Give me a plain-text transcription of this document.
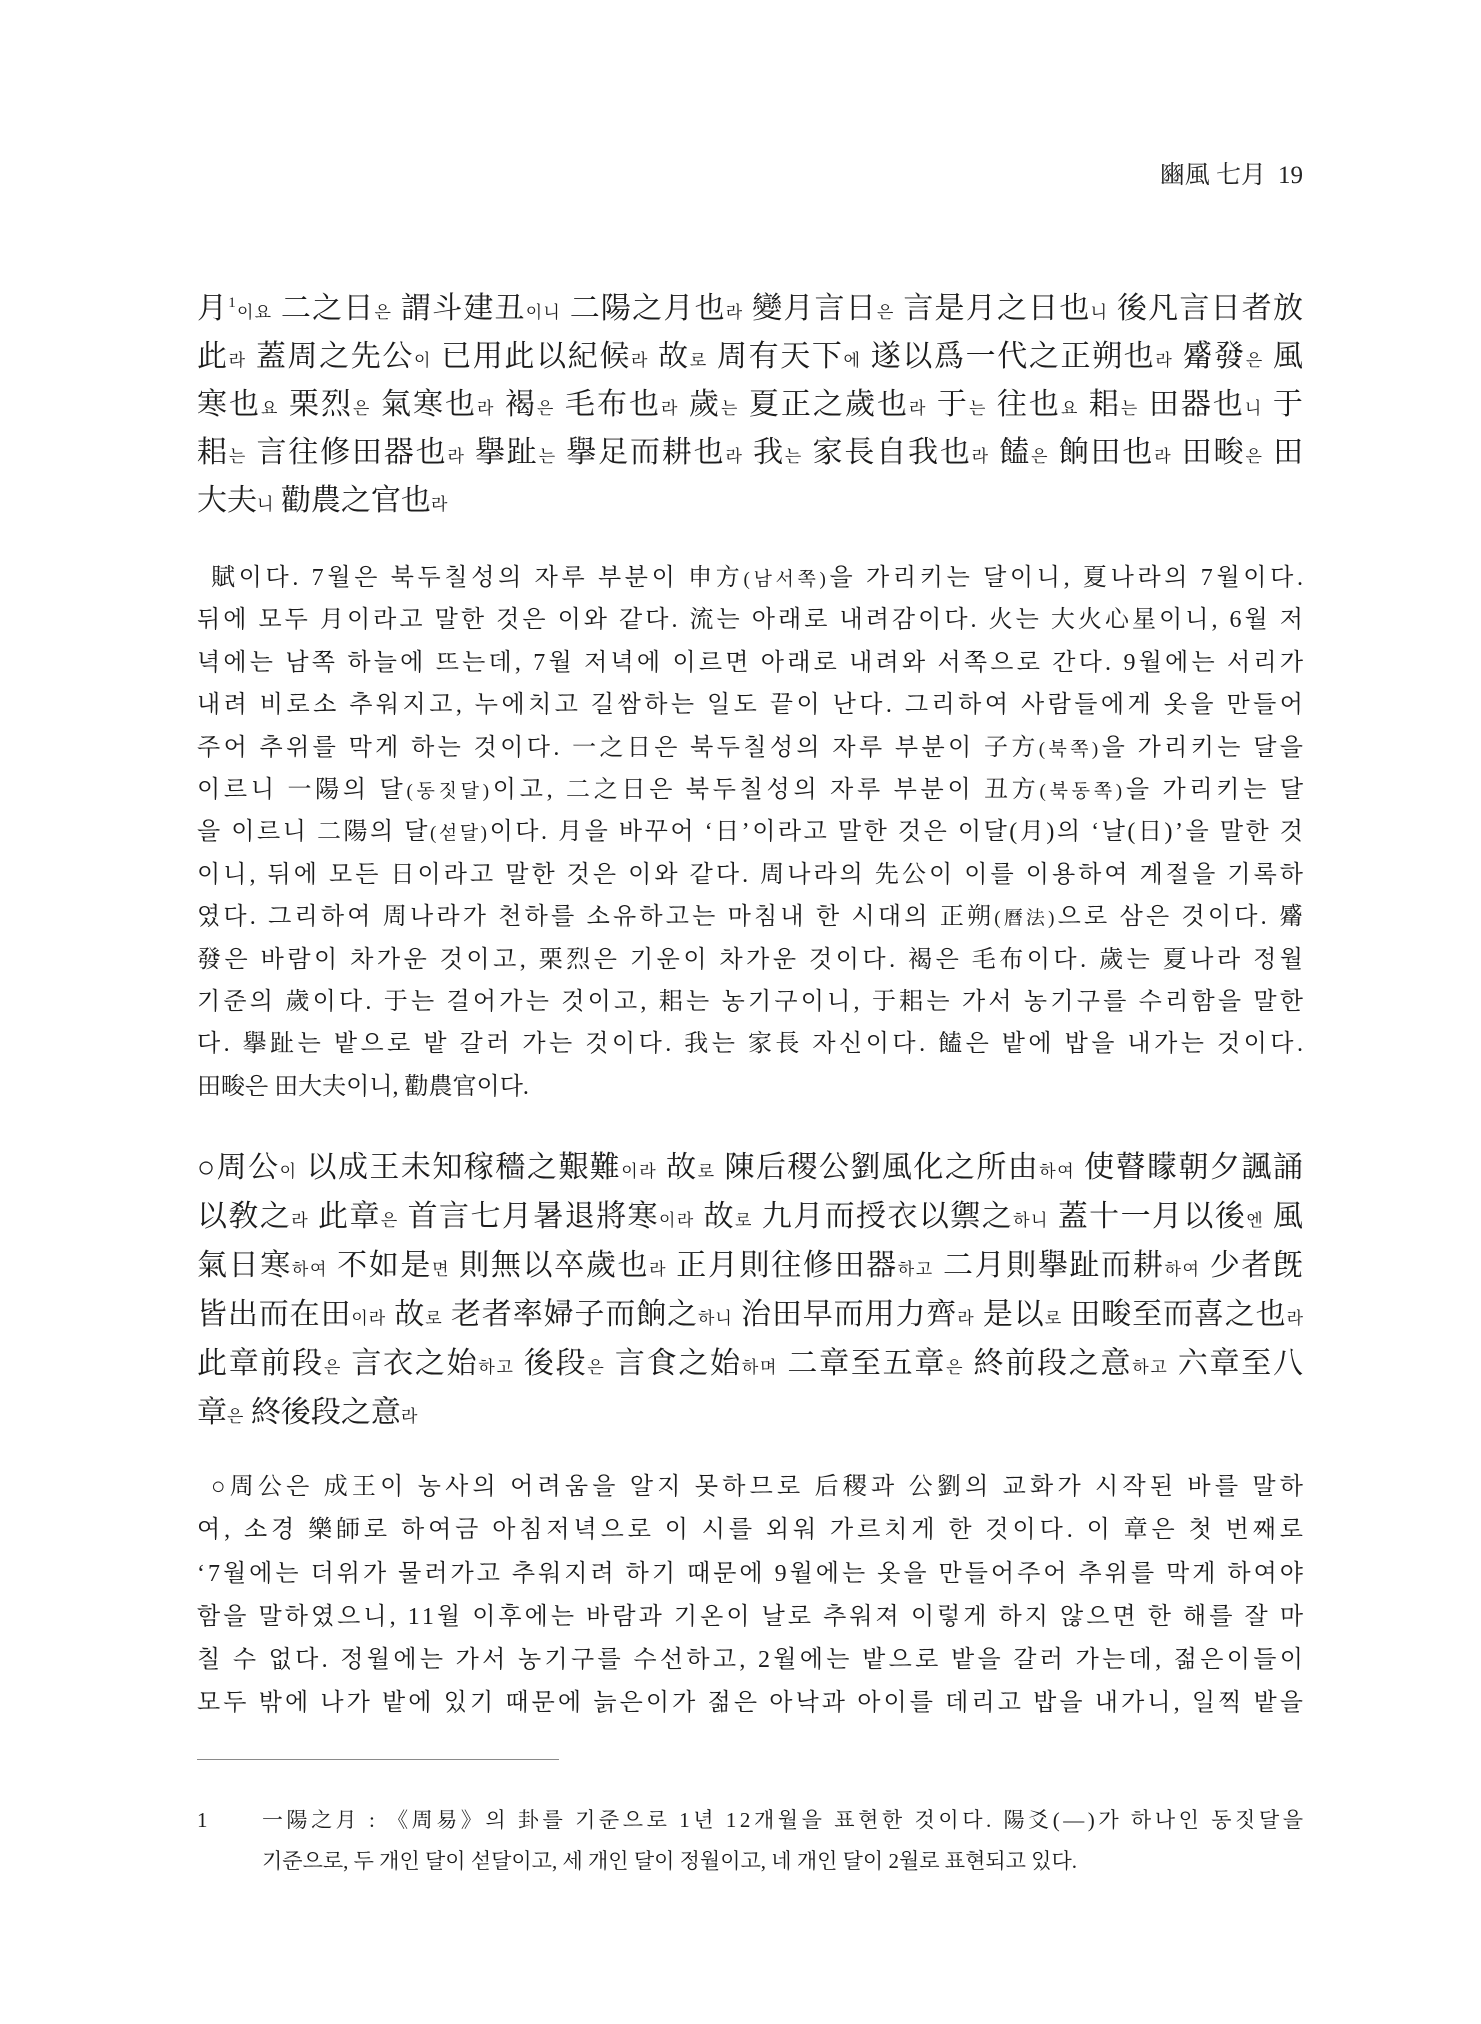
豳風 七月 19
月$^1$이요 二之日은 謂斗建丑이니 二陽之月也라 變月言日은 言是月之日也니 後凡言日者放
此라 蓋周之先公이 已用此以紀候라 故로 周有天下에 遂以爲一代之正朔也라 觱發은 風
寒也요 栗烈은 氣寒也라 褐은 毛布也라 歲는 夏正之歲也라 于는 往也요 耜는 田器也니 于
耜는 言往修田器也라 擧趾는 擧足而耕也라 我는 家長自我也라 饁은 餉田也라 田畯은 田
大夫니 勸農之官也라
賦이다. 7월은 북두칠성의 자루 부분이 申方(남서쪽)을 가리키는 달이니, 夏나라의 7월이다.
뒤에 모두 月이라고 말한 것은 이와 같다. 流는 아래로 내려감이다. 火는 大火心星이니, 6월 저
녁에는 남쪽 하늘에 뜨는데, 7월 저녁에 이르면 아래로 내려와 서쪽으로 간다. 9월에는 서리가
내려 비로소 추워지고, 누에치고 길쌈하는 일도 끝이 난다. 그리하여 사람들에게 옷을 만들어
주어 추위를 막게 하는 것이다. 一之日은 북두칠성의 자루 부분이 子方(북쪽)을 가리키는 달을
이르니 一陽의 달(동짓달)이고, 二之日은 북두칠성의 자루 부분이 丑方(북동쪽)을 가리키는 달
을 이르니 二陽의 달(섣달)이다. 月을 바꾸어 ‘日’이라고 말한 것은 이달(月)의 ‘날(日)’을 말한 것
이니, 뒤에 모든 日이라고 말한 것은 이와 같다. 周나라의 先公이 이를 이용하여 계절을 기록하
였다. 그리하여 周나라가 천하를 소유하고는 마침내 한 시대의 正朔(曆法)으로 삼은 것이다. 觱
發은 바람이 차가운 것이고, 栗烈은 기운이 차가운 것이다. 褐은 毛布이다. 歲는 夏나라 정월
기준의 歲이다. 于는 걸어가는 것이고, 耜는 농기구이니, 于耜는 가서 농기구를 수리함을 말한
다. 擧趾는 밭으로 밭 갈러 가는 것이다. 我는 家長 자신이다. 饁은 밭에 밥을 내가는 것이다.
田畯은 田大夫이니, 勸農官이다.
○周公이 以成王未知稼穡之艱難이라 故로 陳后稷公劉風化之所由하여 使瞽矇朝夕諷誦
以敎之라 此章은 首言七月暑退將寒이라 故로 九月而授衣以禦之하니 蓋十一月以後엔 風
氣日寒하여 不如是면 則無以卒歲也라 正月則往修田器하고 二月則擧趾而耕하여 少者旣
皆出而在田이라 故로 老者率婦子而餉之하니 治田早而用力齊라 是以로 田畯至而喜之也라
此章前段은 言衣之始하고 後段은 言食之始하며 二章至五章은 終前段之意하고 六章至八
章은 終後段之意라
○周公은 成王이 농사의 어려움을 알지 못하므로 后稷과 公劉의 교화가 시작된 바를 말하
여, 소경 樂師로 하여금 아침저녁으로 이 시를 외워 가르치게 한 것이다. 이 章은 첫 번째로
‘7월에는 더위가 물러가고 추워지려 하기 때문에 9월에는 옷을 만들어주어 추위를 막게 하여야
함을 말하였으니, 11월 이후에는 바람과 기온이 날로 추워져 이렇게 하지 않으면 한 해를 잘 마
칠 수 없다. 정월에는 가서 농기구를 수선하고, 2월에는 밭으로 밭을 갈러 가는데, 젊은이들이
모두 밖에 나가 밭에 있기 때문에 늙은이가 젊은 아낙과 아이를 데리고 밥을 내가니, 일찍 밭을
1	一陽之月 : 《周易》의 卦를 기준으로 1년 12개월을 표현한 것이다. 陽爻(—)가 하나인 동짓달을
기준으로, 두 개인 달이 섣달이고, 세 개인 달이 정월이고, 네 개인 달이 2월로 표현되고 있다.
